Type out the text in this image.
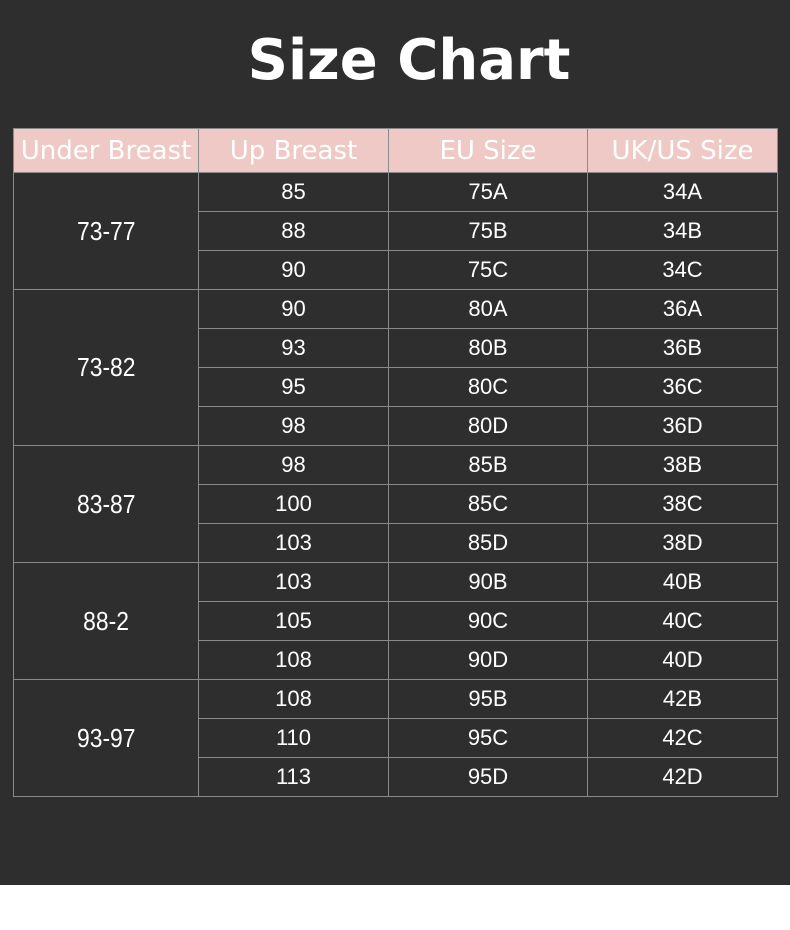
Size Chart
Under Breast	Up Breast	EU Size	UK/US Size
73-77	85	75A	34A
	88	75B	34B
	90	75C	34C
73-82	90	80A	36A
	93	80B	36B
	95	80C	36C
	98	80D	36D
83-87	98	85B	38B
	100	85C	38C
	103	85D	38D
88-2	103	90B	40B
	105	90C	40C
	108	90D	40D
93-97	108	95B	42B
	110	95C	42C
	113	95D	42D
